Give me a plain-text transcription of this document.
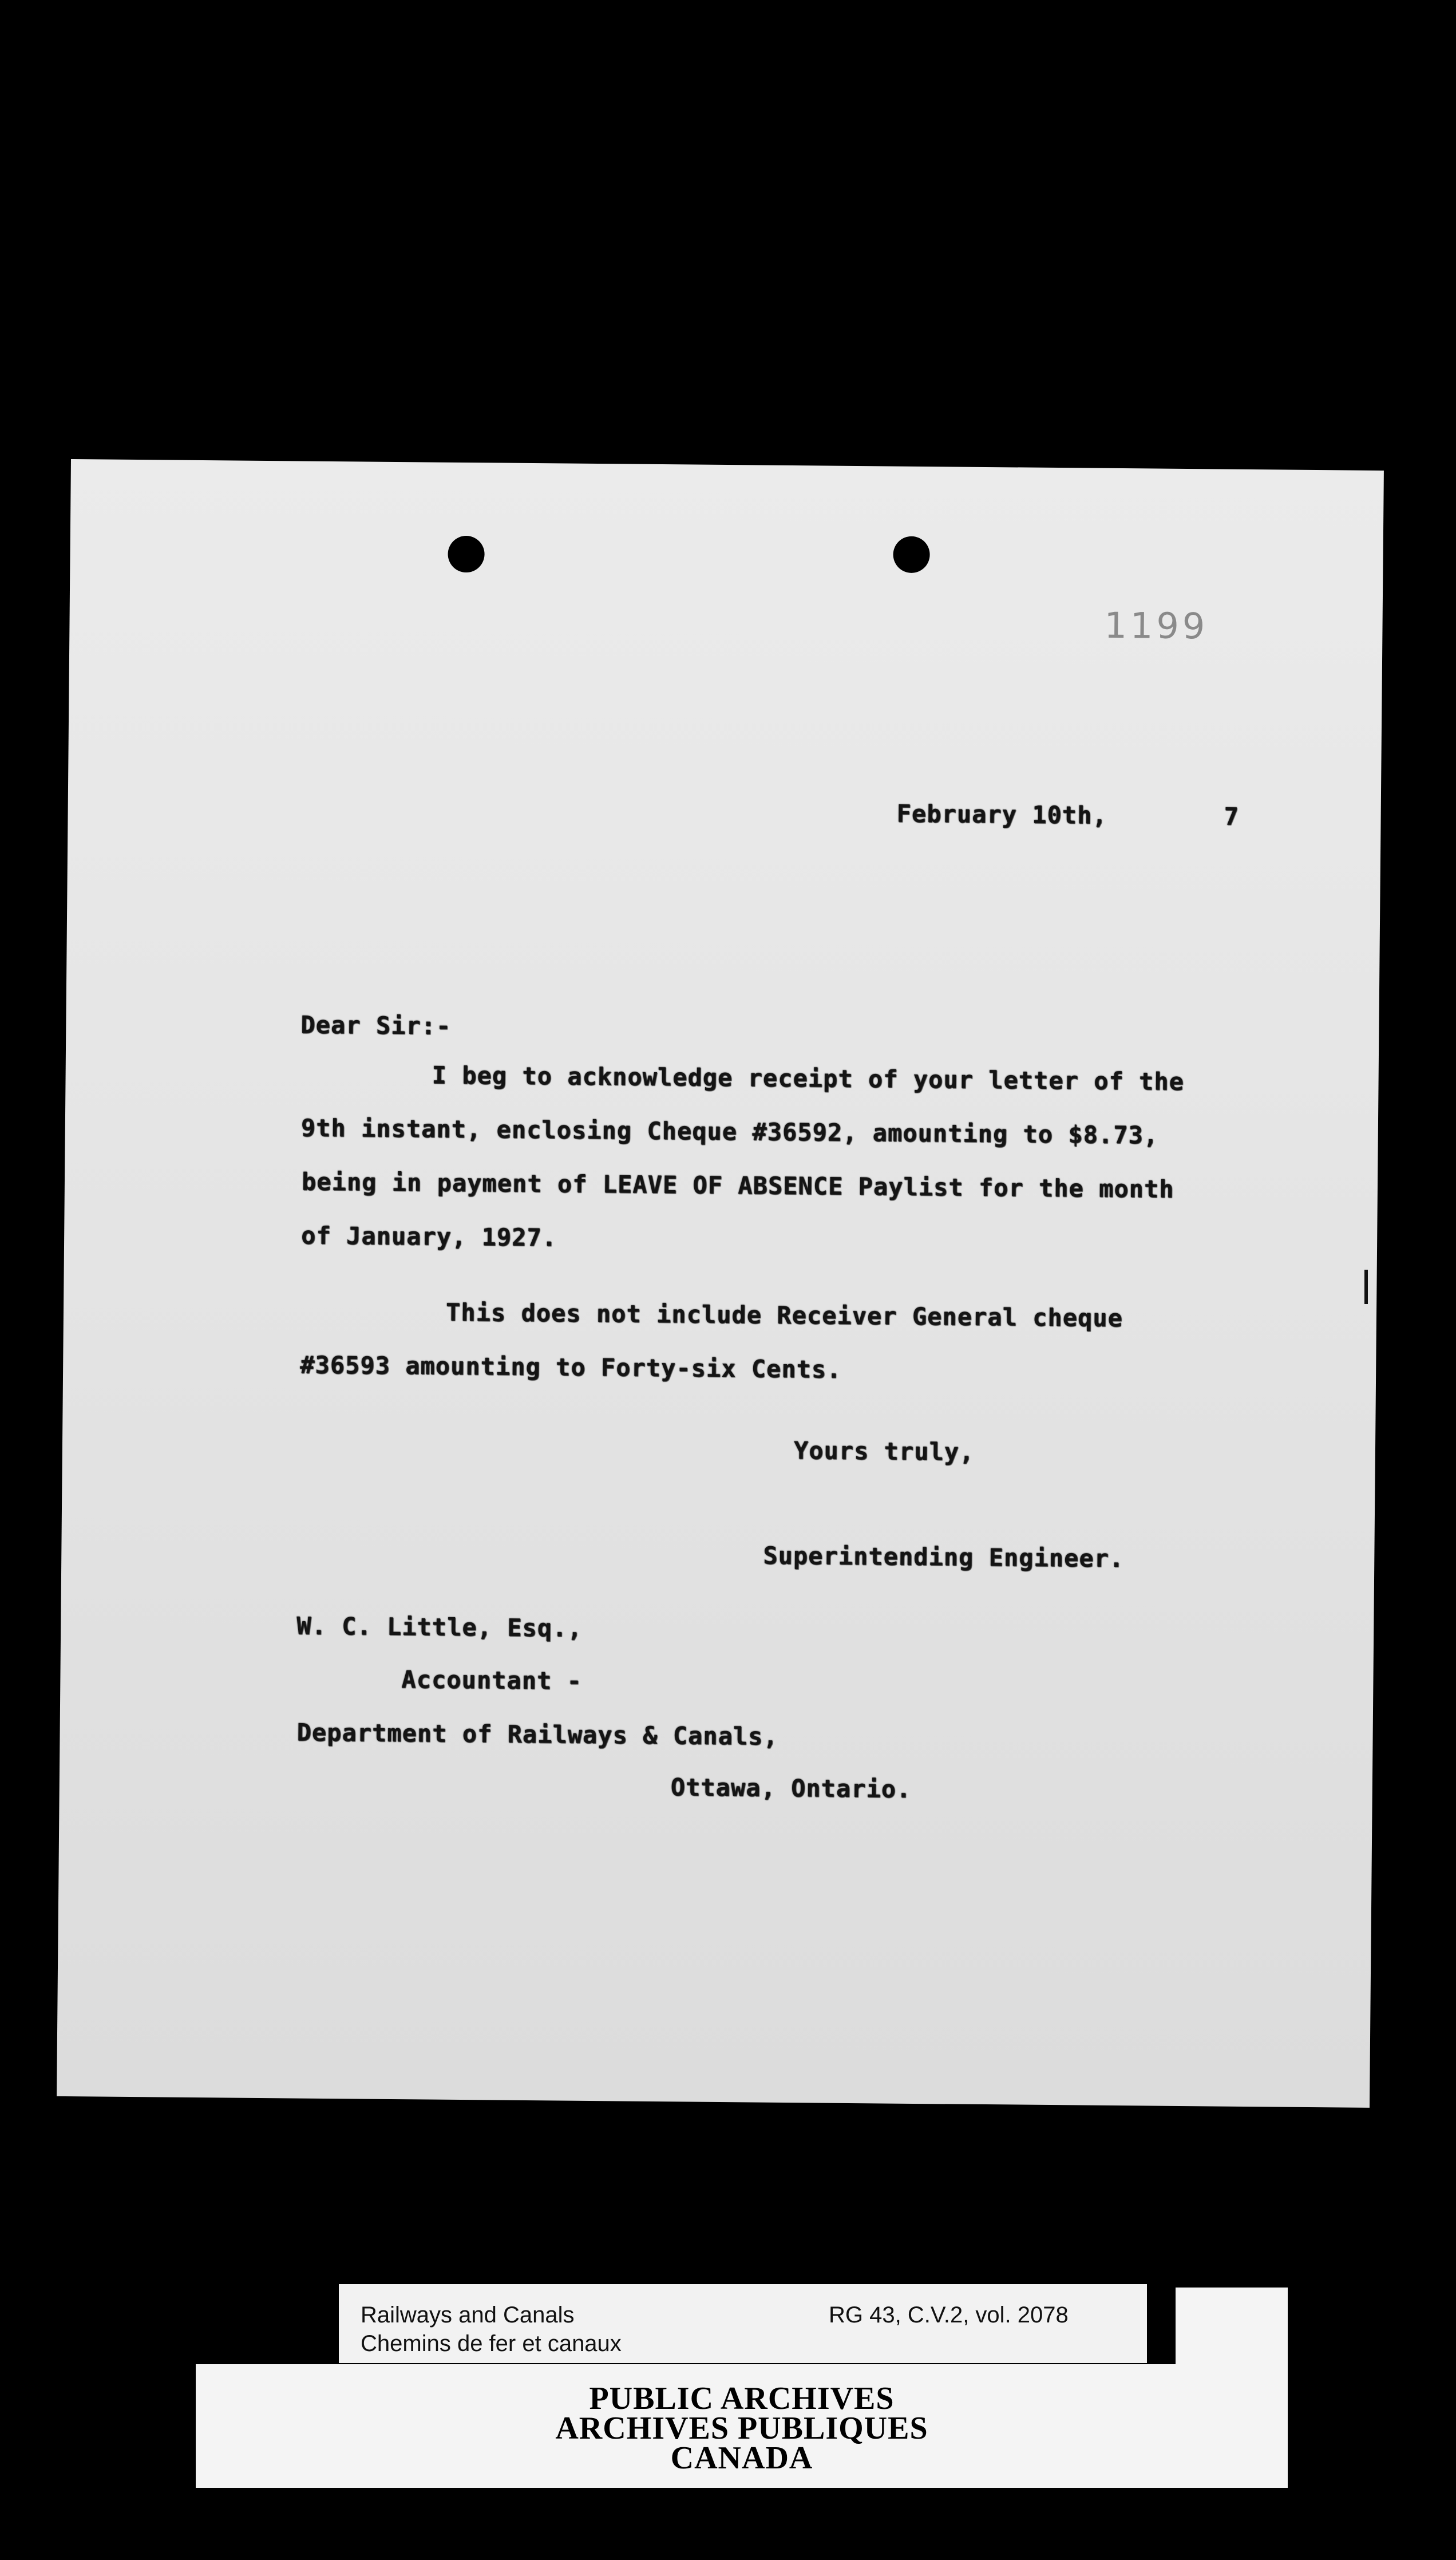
1199
February 10th,	7
Dear Sir:-
I beg to acknowledge receipt of your letter of the
9th instant, enclosing Cheque #36592, amounting to $8.73,
being in payment of LEAVE OF ABSENCE Paylist for the month
of January, 1927.
This does not include Receiver General cheque
#36593 amounting to Forty-six Cents.
Yours truly,
Superintending Engineer.
W. C. Little, Esq.,
Accountant -
Department of Railways & Canals,
Ottawa, Ontario.
Railways and Canals
Chemins de fer et canaux
RG 43, C.V.2, vol. 2078
PUBLIC ARCHIVES
ARCHIVES PUBLIQUES
CANADA
